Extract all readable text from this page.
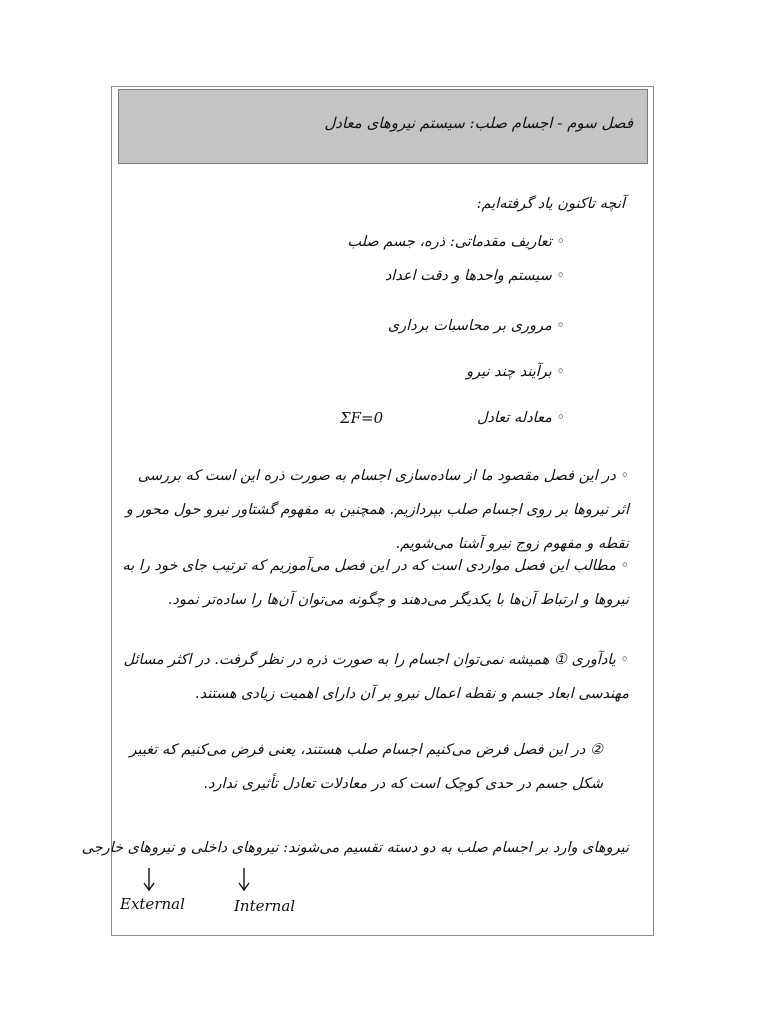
فصل سوم - اجسام صلب: سیستم نیروهای معادل
آنچه تاکنون یاد گرفته‌ایم:
◦ تعاریف مقدماتی: ذره، جسم صلب
◦ سیستم واحدها و دقت اعداد
◦ مروری بر محاسبات برداری
◦ برآیند چند نیرو
◦ معادله تعادل
ΣF=0
◦ در این فصل مقصود ما از ساده‌سازی اجسام به صورت ذره این است که بررسی اثر نیروها بر روی اجسام صلب بپردازیم. همچنین به مفهوم گشتاور نیرو حول محور و نقطه و مفهوم زوج نیرو آشنا می‌شویم.
◦ مطالب این فصل مواردی است که در این فصل می‌آموزیم که ترتیب جای خود را به نیروها و ارتباط آن‌ها با یکدیگر می‌دهند و چگونه می‌توان آن‌ها را ساده‌تر نمود.
◦ یادآوری ① همیشه نمی‌توان اجسام را به صورت ذره در نظر گرفت. در اکثر مسائل مهندسی ابعاد جسم و نقطه اعمال نیرو بر آن دارای اهمیت زیادی هستند.
② در این فصل فرض می‌کنیم اجسام صلب هستند، یعنی فرض می‌کنیم که تغییر شکل جسم در حدی کوچک است که در معادلات تعادل تأثیری ندارد.
نیروهای وارد بر اجسام صلب به دو دسته تقسیم می‌شوند: نیروهای داخلی و نیروهای خارجی
External	Internal
